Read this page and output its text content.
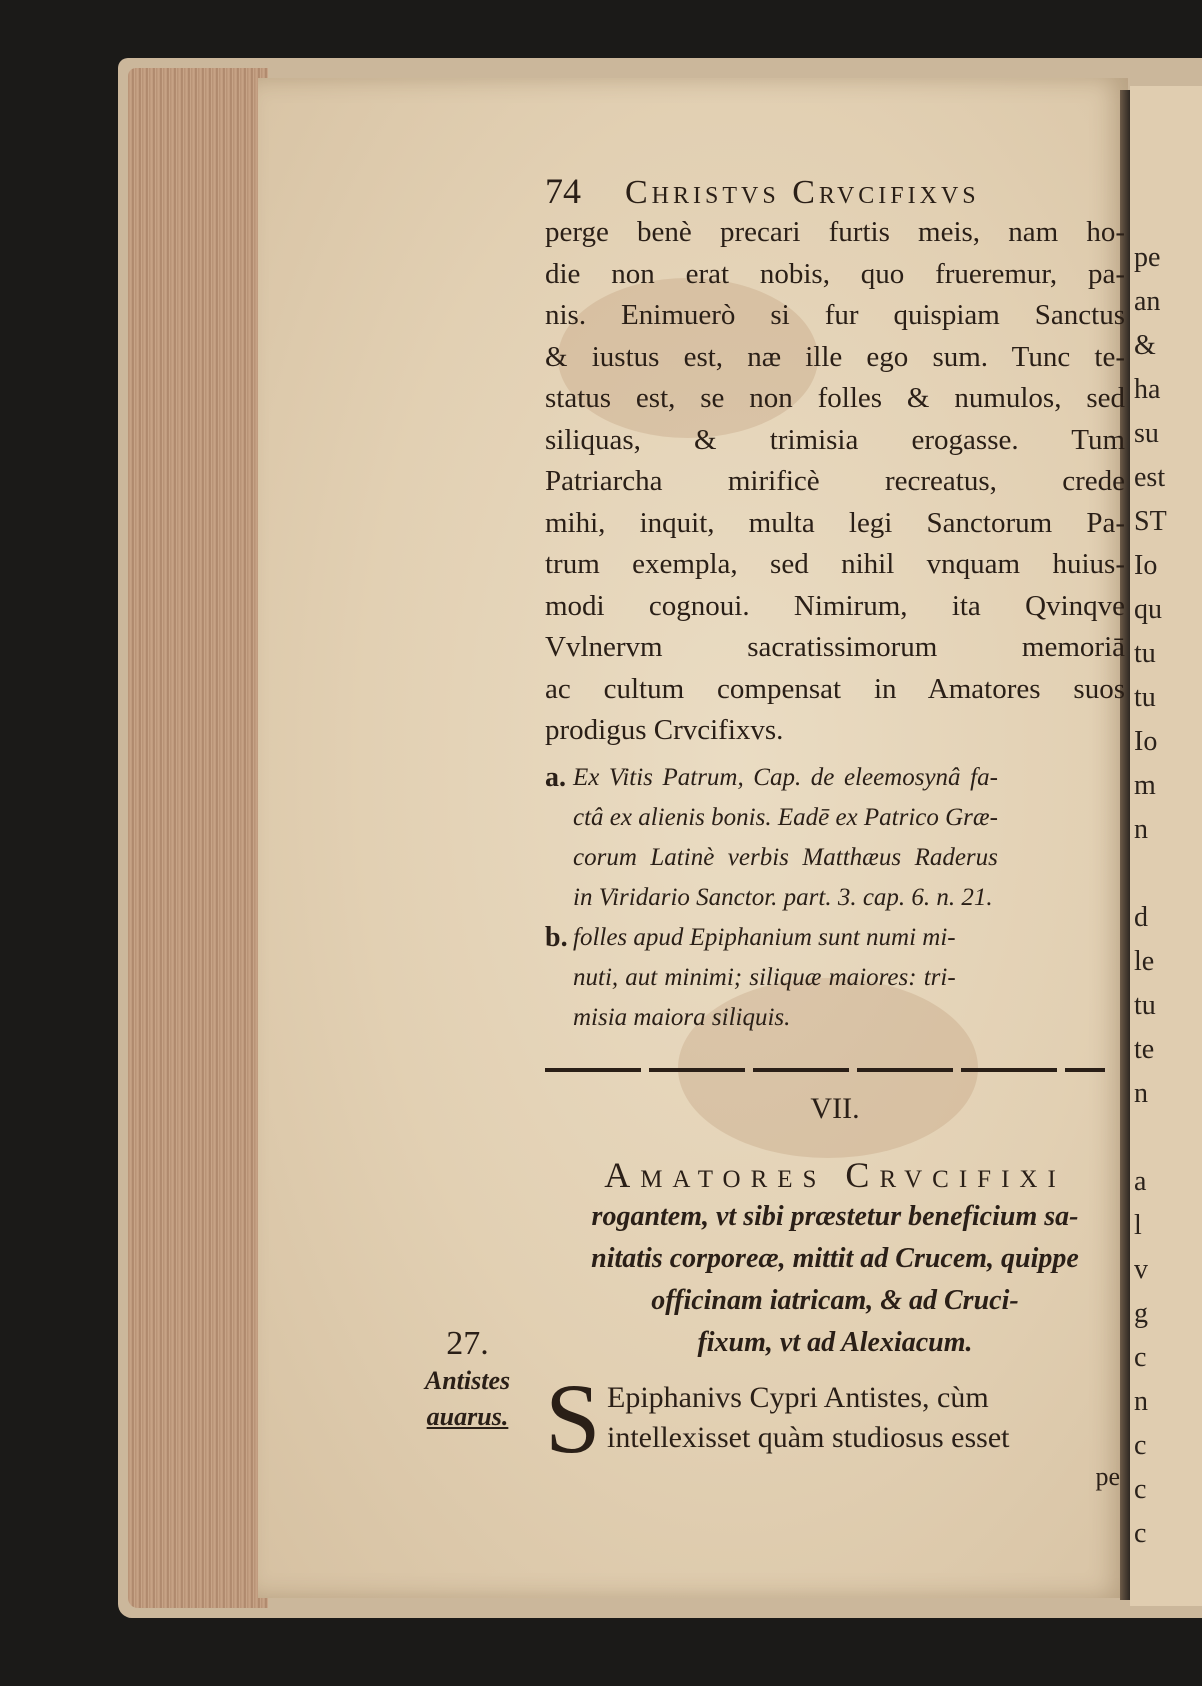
pe
an
&
ha
su
est
ST
Io
qu
tu
tu
Io
m
n

d
le
tu
te
n

a
l
v
g
c
n
c
c
c
74	Christvs Crvcifixvs

perge benè precari furtis meis, nam ho-

die non erat nobis, quo frueremur, pa-

nis. Enimuerò si fur quispiam Sanctus

& iustus est, næ ille ego sum. Tunc te-

status est, se non folles & numulos, sed

siliquas, & trimisia erogasse. Tum

Patriarcha mirificè recreatus, crede

mihi, inquit, multa legi Sanctorum Pa-

trum exempla, sed nihil vnquam huius-

modi cognoui. Nimirum, ita Qvinqve

Vvlnervm sacratissimorum memoriā

ac cultum compensat in Amatores suos

prodigus Crvcifixvs.

a. Ex Vitis Patrum, Cap. de eleemosynâ fa-

ctâ ex alienis bonis. Eadē ex Patrico Græ-

corum Latinè verbis Matthæus Raderus

in Viridario Sanctor. part. 3. cap. 6. n. 21.

b. folles apud Epiphanium sunt numi mi-

nuti, aut minimi; siliquæ maiores: tri-

misia maiora siliquis.

VII.
Amatores Crvcifixi

rogantem, vt sibi præstetur beneficium sa-

nitatis corporeæ, mittit ad Crucem, quippe

officinam iatricam, & ad Cruci-

fixum, vt ad Alexiacum.

S Epiphanivs Cypri Antistes, cùm

intellexisset quàm studiosus esset

pe
27.

Antistes

auarus.
